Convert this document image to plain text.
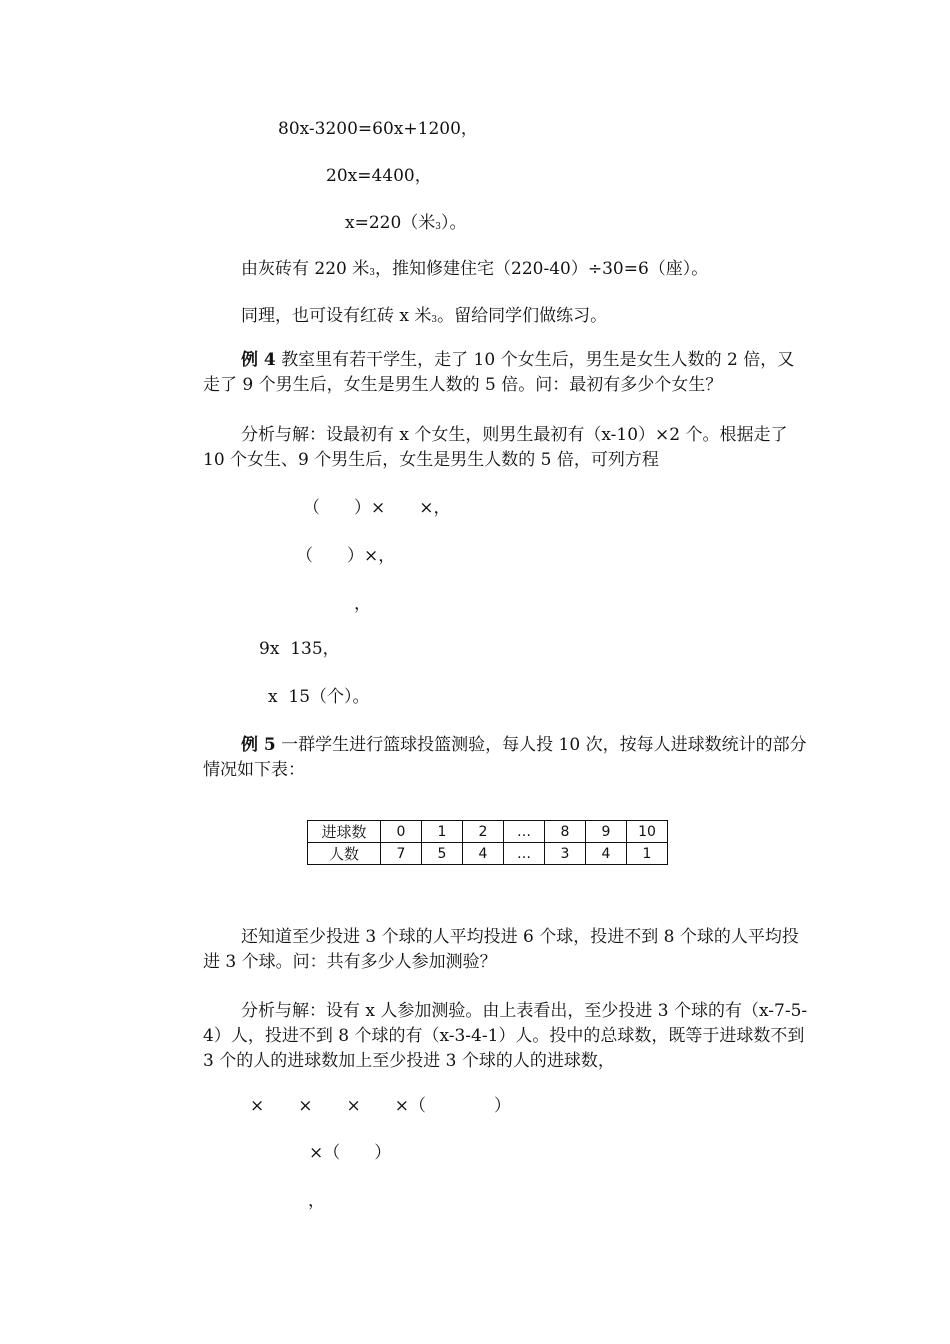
80x-3200=60x+1200，
20x=4400，
x=220（米$_3$）。
由灰砖有 220 米$_3$，推知修建住宅（220-40）÷30=6（座）。
同理，也可设有红砖 x 米$_3$。留给同学们做练习。
例 4 教室里有若干学生，走了 10 个女生后，男生是女生人数的 2 倍，又走了 9 个男生后，女生是男生人数的 5 倍。问：最初有多少个女生？
分析与解：设最初有 x 个女生，则男生最初有（x-10）×2 个。根据走了 10 个女生、9 个男生后，女生是男生人数的 5 倍，可列方程
（　　）×　　×，
（　　）×，
，
9x  135，
x  15（个）。
例 5 一群学生进行篮球投篮测验，每人投 10 次，按每人进球数统计的部分情况如下表：
进球数	0	1	2	…	8	9	10
人数	7	5	4	…	3	4	1
还知道至少投进 3 个球的人平均投进 6 个球，投进不到 8 个球的人平均投进 3 个球。问：共有多少人参加测验？
分析与解：设有 x 人参加测验。由上表看出，至少投进 3 个球的有（x-7-5-4）人，投进不到 8 个球的有（x-3-4-1）人。投中的总球数，既等于进球数不到 3 个的人的进球数加上至少投进 3 个球的人的进球数，
×　　×　　×　　×（　　　　）
×（　　）
，
